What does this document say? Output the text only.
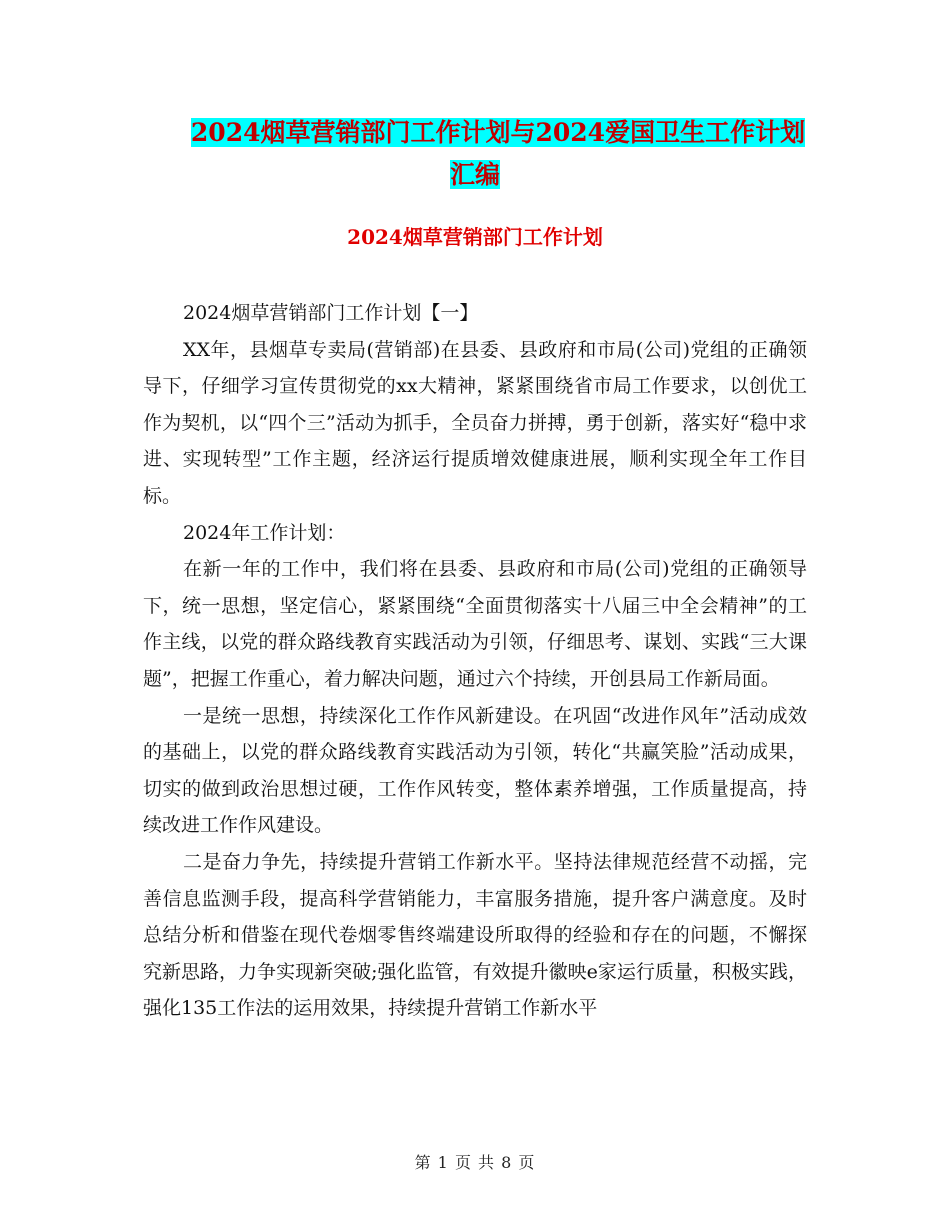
2024烟草营销部门工作计划与2024爱国卫生工作计划
汇编
2024烟草营销部门工作计划

2024烟草营销部门工作计划【一】

XX年，县烟草专卖局(营销部)在县委、县政府和市局(公司)党组的正确领导下，仔细学习宣传贯彻党的xx大精神，紧紧围绕省市局工作要求，以创优工作为契机，以“四个三”活动为抓手，全员奋力拼搏，勇于创新，落实好“稳中求进、实现转型”工作主题，经济运行提质增效健康进展，顺利实现全年工作目标。

2024年工作计划：

在新一年的工作中，我们将在县委、县政府和市局(公司)党组的正确领导下，统一思想，坚定信心，紧紧围绕“全面贯彻落实十八届三中全会精神”的工作主线，以党的群众路线教育实践活动为引领，仔细思考、谋划、实践“三大课题”，把握工作重心，着力解决问题，通过六个持续，开创县局工作新局面。

一是统一思想，持续深化工作作风新建设。在巩固“改进作风年”活动成效的基础上，以党的群众路线教育实践活动为引领，转化“共赢笑脸”活动成果，切实的做到政治思想过硬，工作作风转变，整体素养增强，工作质量提高，持续改进工作作风建设。

二是奋力争先，持续提升营销工作新水平。坚持法律规范经营不动摇，完善信息监测手段，提高科学营销能力，丰富服务措施，提升客户满意度。及时总结分析和借鉴在现代卷烟零售终端建设所取得的经验和存在的问题，不懈探究新思路，力争实现新突破;强化监管，有效提升徽映e家运行质量，积极实践，强化135工作法的运用效果，持续提升营销工作新水平

第 1 页 共 8 页
